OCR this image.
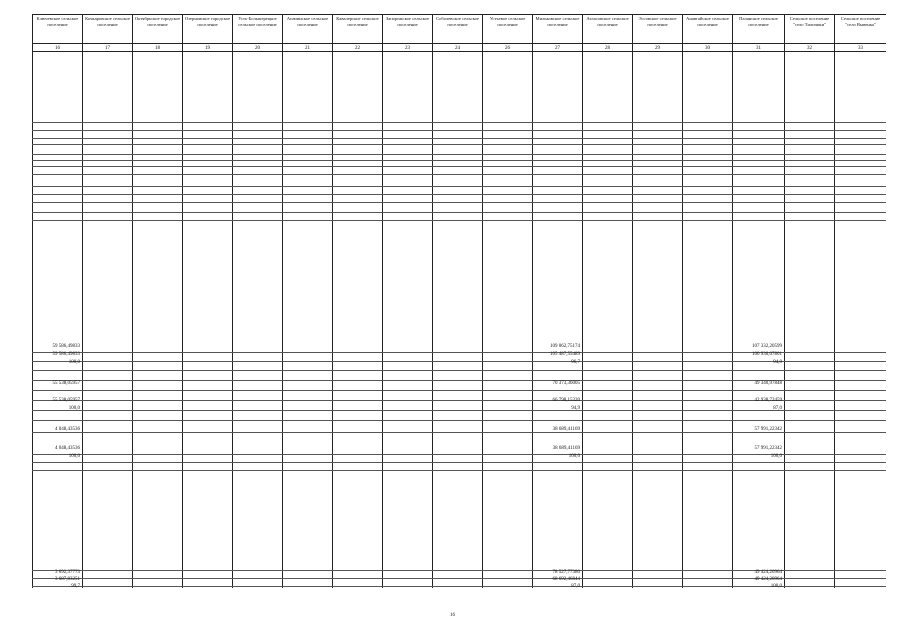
Ключевское сельское поселение
16
Кочкаровское сельское поселение
17
Октябрьское городское поселение
18
Озерновское городское поселение
19
Усть-Большерецкое сельское поселение
20
Апачинское сельское поселение
21
Кавалерское сельское поселение
22
Запорожское сельское поселение
23
Соболевское сельское поселение
24
Устьевое сельское поселение
26
Мильковское сельское поселение
27
Атласовское сельское поселение
28
Эссовское сельское поселение
29
Анавгайское сельское поселение
30
Паланское сельское поселение
31
Сельское поселение "село Тиличики"
32
Сельское поселение "село Вывенка"
33
59 586,49833
59 586,49833
100,0
55 538,05957
55 538,05957
100,0
4 048,43536
4 048,43536
100,0
3 692,37773
3 687,83251
99,7
109 062,75174
105 487,55489
96,7
70 373,36005
66 798,15320
94,9
38 689,41169
38 689,41169
100,0
78 527,77380
68 692,46844
87,0
107 332,20599
100 930,07801
94,0
49 340,97848
42 938,72459
87,0
57 991,22342
57 991,22342
100,0
49 424,20964
49 424,20964
100,0
16
